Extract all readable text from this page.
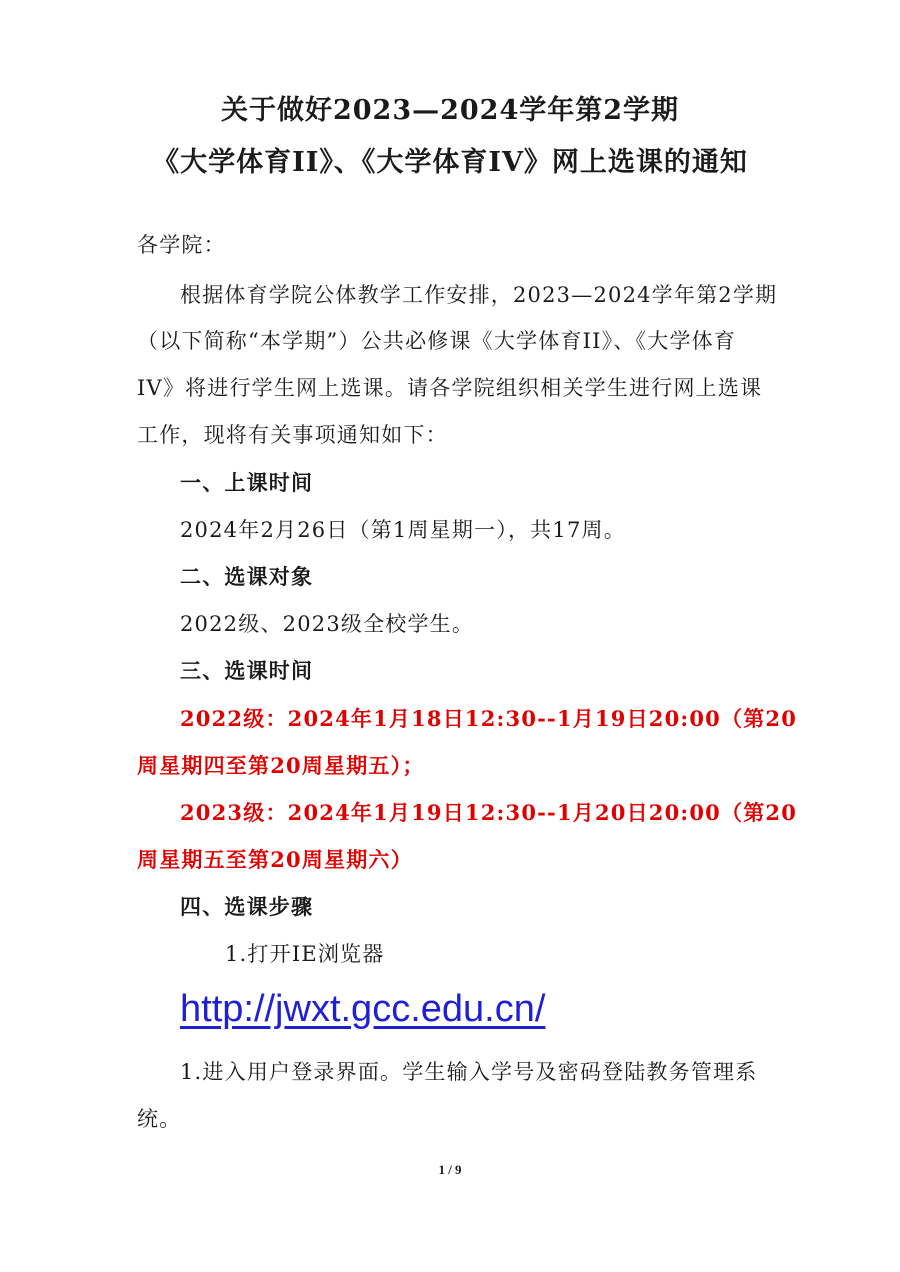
关于做好2023—2024学年第2学期
《大学体育II》、《大学体育IV》网上选课的通知
各学院：
根据体育学院公体教学工作安排，2023—2024学年第2学期
（以下简称“本学期”）公共必修课《大学体育II》、《大学体育
IV》将进行学生网上选课。请各学院组织相关学生进行网上选课
工作，现将有关事项通知如下：
一、上课时间
2024年2月26日（第1周星期一），共17周。
二、选课对象
2022级、2023级全校学生。
三、选课时间
2022级：2024年1月18日12:30--1月19日20:00（第20
周星期四至第20周星期五）；
2023级：2024年1月19日12:30--1月20日20:00（第20
周星期五至第20周星期六）
四、选课步骤
1.打开IE浏览器
http://jwxt.gcc.edu.cn/
1.进入用户登录界面。学生输入学号及密码登陆教务管理系
统。
1 / 9
